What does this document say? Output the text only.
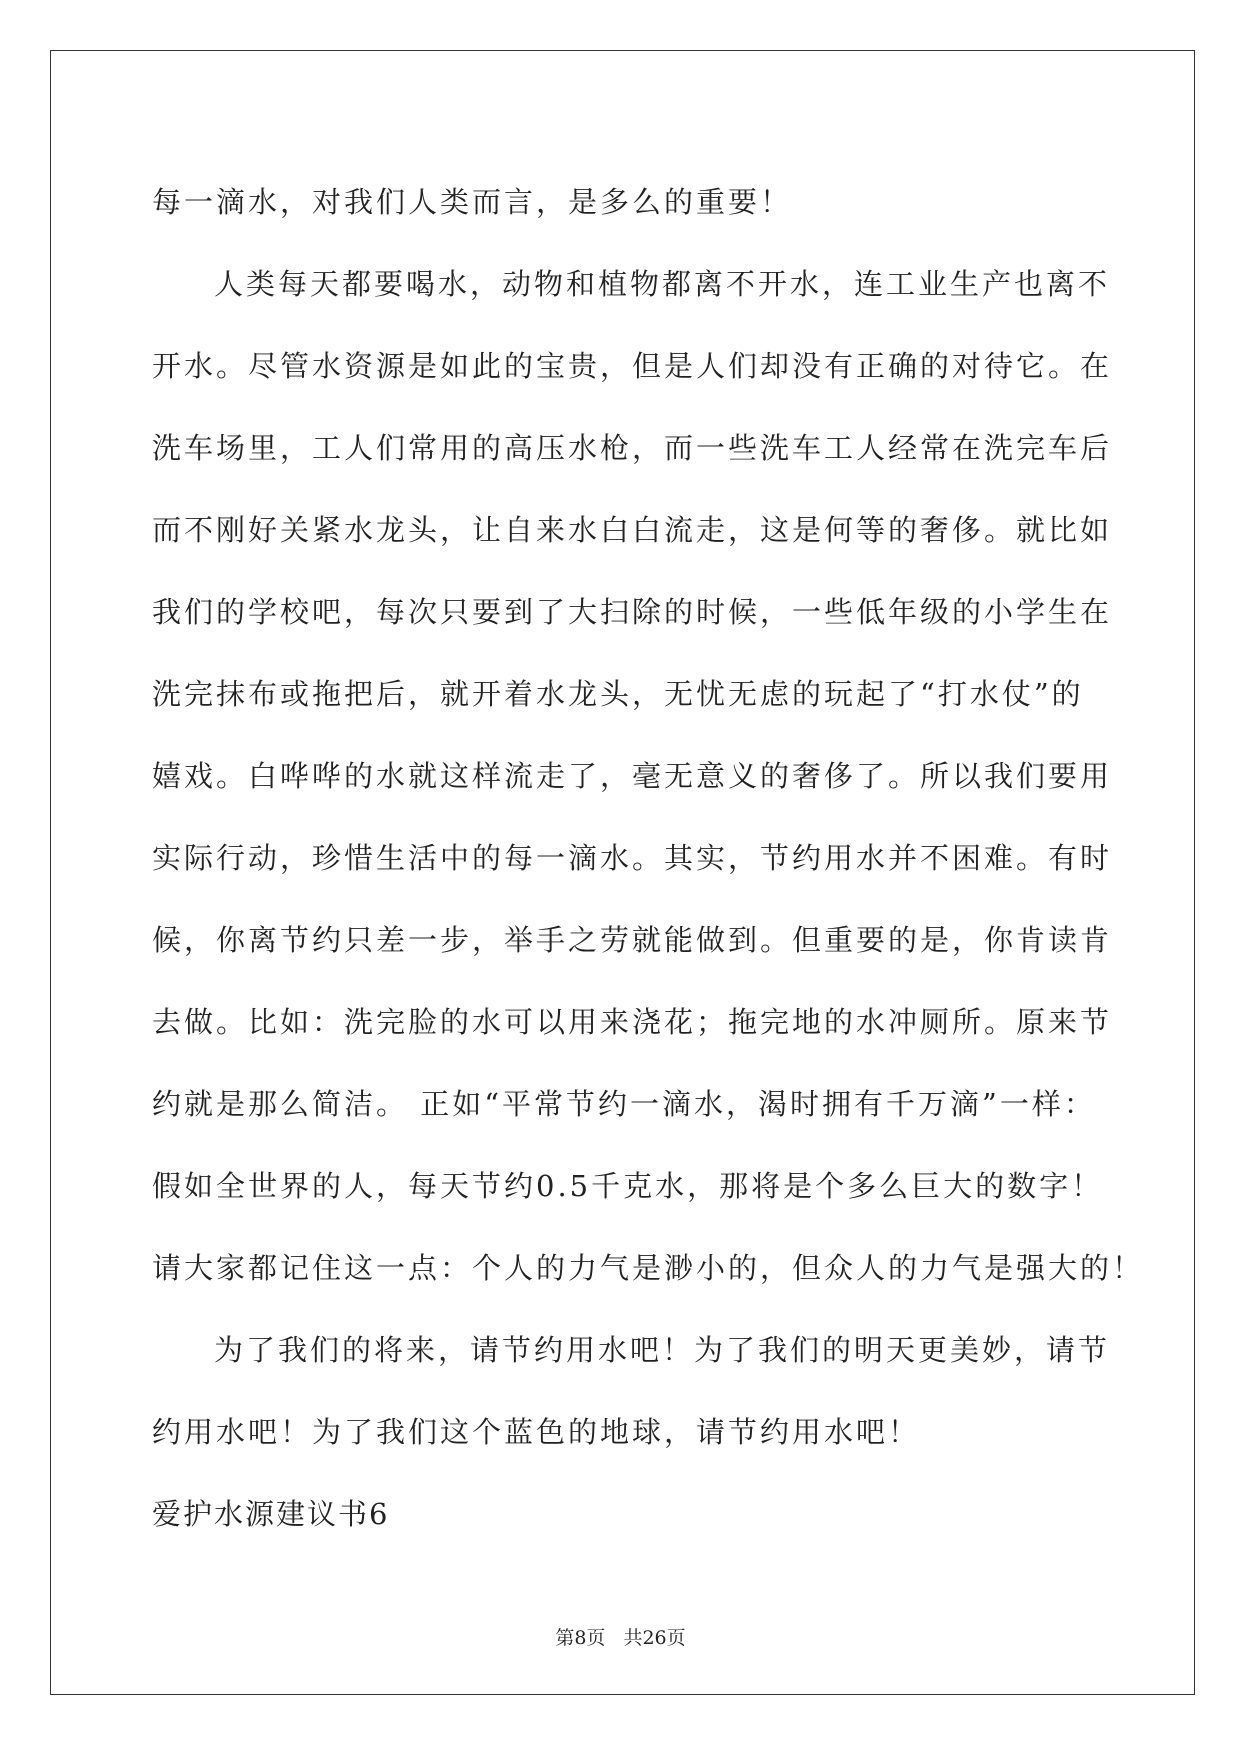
每一滴水，对我们人类而言，是多么的重要！
人类每天都要喝水，动物和植物都离不开水，连工业生产也离不
开水。尽管水资源是如此的宝贵，但是人们却没有正确的对待它。在
洗车场里，工人们常用的高压水枪，而一些洗车工人经常在洗完车后
而不刚好关紧水龙头，让自来水白白流走，这是何等的奢侈。就比如
我们的学校吧，每次只要到了大扫除的时候，一些低年级的小学生在
洗完抹布或拖把后，就开着水龙头，无忧无虑的玩起了“打水仗”的
嬉戏。白哗哗的水就这样流走了，毫无意义的奢侈了。所以我们要用
实际行动，珍惜生活中的每一滴水。其实，节约用水并不困难。有时
候，你离节约只差一步，举手之劳就能做到。但重要的是，你肯读肯
去做。比如：洗完脸的水可以用来浇花；拖完地的水冲厕所。原来节
约就是那么简洁。 正如“平常节约一滴水，渴时拥有千万滴”一样：
假如全世界的人，每天节约0.5千克水，那将是个多么巨大的数字！
请大家都记住这一点：个人的力气是渺小的，但众人的力气是强大的！
为了我们的将来，请节约用水吧！为了我们的明天更美妙，请节
约用水吧！为了我们这个蓝色的地球，请节约用水吧！
爱护水源建议书6
第8页 共26页
